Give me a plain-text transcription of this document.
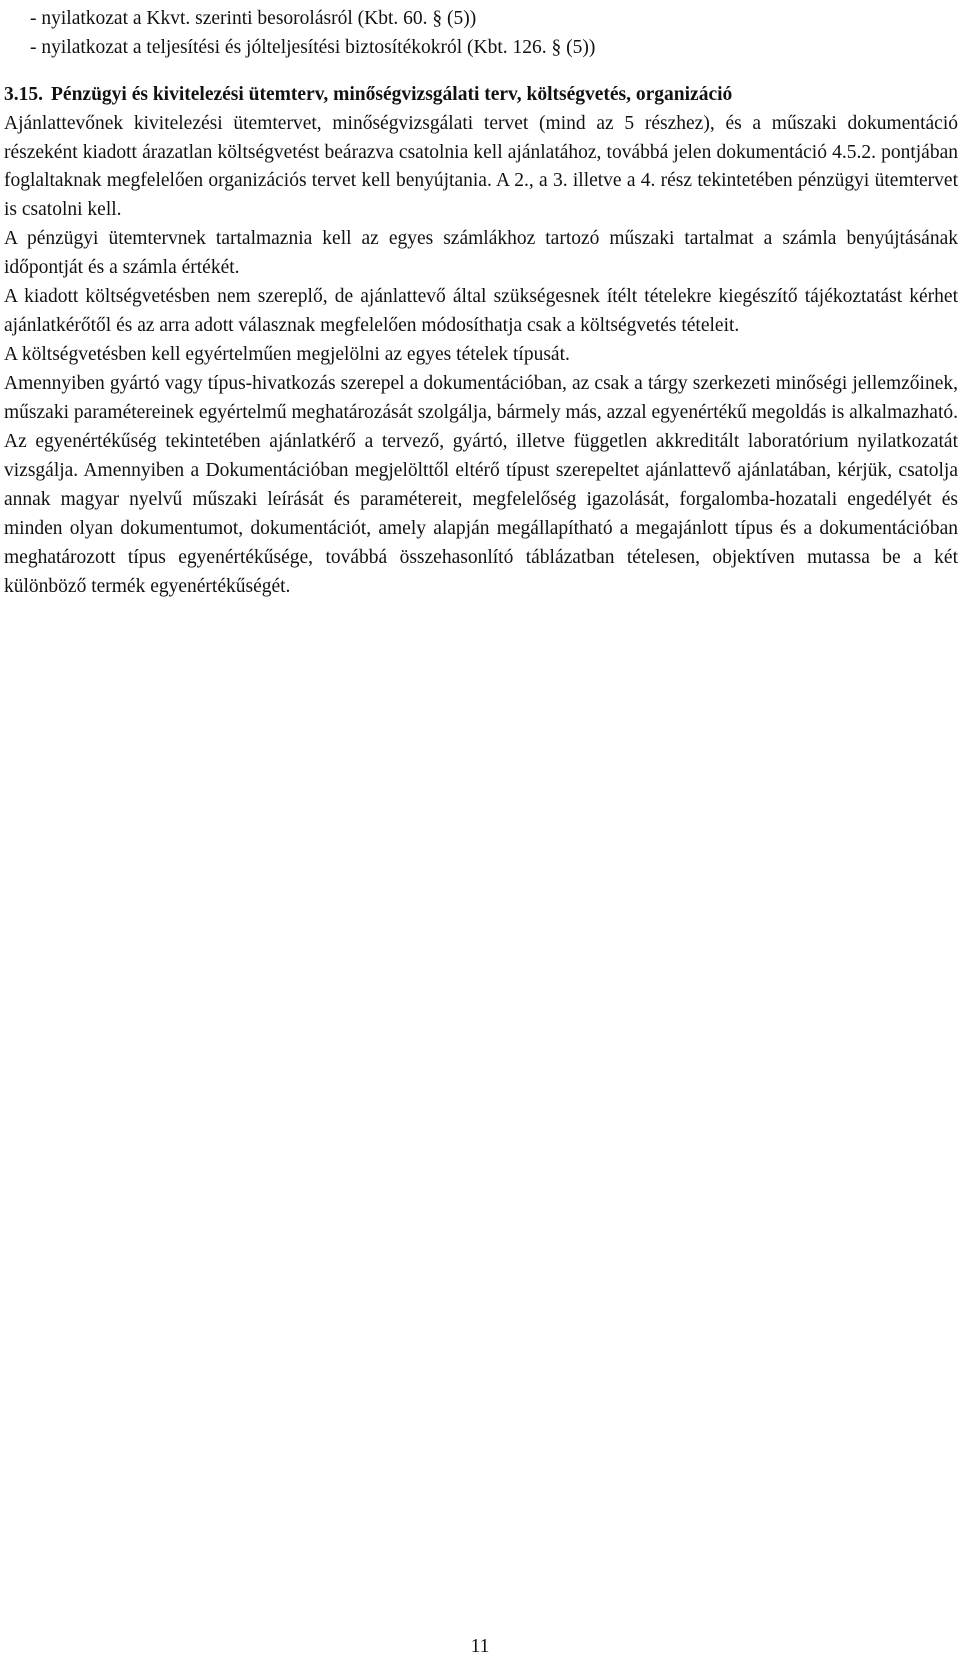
- nyilatkozat a Kkvt. szerinti besorolásról (Kbt. 60. § (5))
- nyilatkozat a teljesítési és jólteljesítési biztosítékokról (Kbt. 126. § (5))
3.15. Pénzügyi és kivitelezési ütemterv, minőségvizsgálati terv, költségvetés, organizáció

Ajánlattevőnek kivitelezési ütemtervet, minőségvizsgálati tervet (mind az 5 részhez), és a műszaki dokumentáció részeként kiadott árazatlan költségvetést beárazva csatolnia kell ajánlatához, továbbá jelen dokumentáció 4.5.2. pontjában foglaltaknak megfelelően organizációs tervet kell benyújtania. A 2., a 3. illetve a 4. rész tekintetében pénzügyi ütemtervet is csatolni kell.

A pénzügyi ütemtervnek tartalmaznia kell az egyes számlákhoz tartozó műszaki tartalmat a számla benyújtásának időpontját és a számla értékét.

A kiadott költségvetésben nem szereplő, de ajánlattevő által szükségesnek ítélt tételekre kiegészítő tájékoztatást kérhet ajánlatkérőtől és az arra adott válasznak megfelelően módosíthatja csak a költségvetés tételeit.

A költségvetésben kell egyértelműen megjelölni az egyes tételek típusát.

Amennyiben gyártó vagy típus-hivatkozás szerepel a dokumentációban, az csak a tárgy szerkezeti minőségi jellemzőinek, műszaki paramétereinek egyértelmű meghatározását szolgálja, bármely más, azzal egyenértékű megoldás is alkalmazható. Az egyenértékűség tekintetében ajánlatkérő a tervező, gyártó, illetve független akkreditált laboratórium nyilatkozatát vizsgálja. Amennyiben a Dokumentációban megjelölttől eltérő típust szerepeltet ajánlattevő ajánlatában, kérjük, csatolja annak magyar nyelvű műszaki leírását és paramétereit, megfelelőség igazolását, forgalomba-hozatali engedélyét és minden olyan dokumentumot, dokumentációt, amely alapján megállapítható a megajánlott típus és a dokumentációban meghatározott típus egyenértékűsége, továbbá összehasonlító táblázatban tételesen, objektíven mutassa be a két különböző termék egyenértékűségét.

11
